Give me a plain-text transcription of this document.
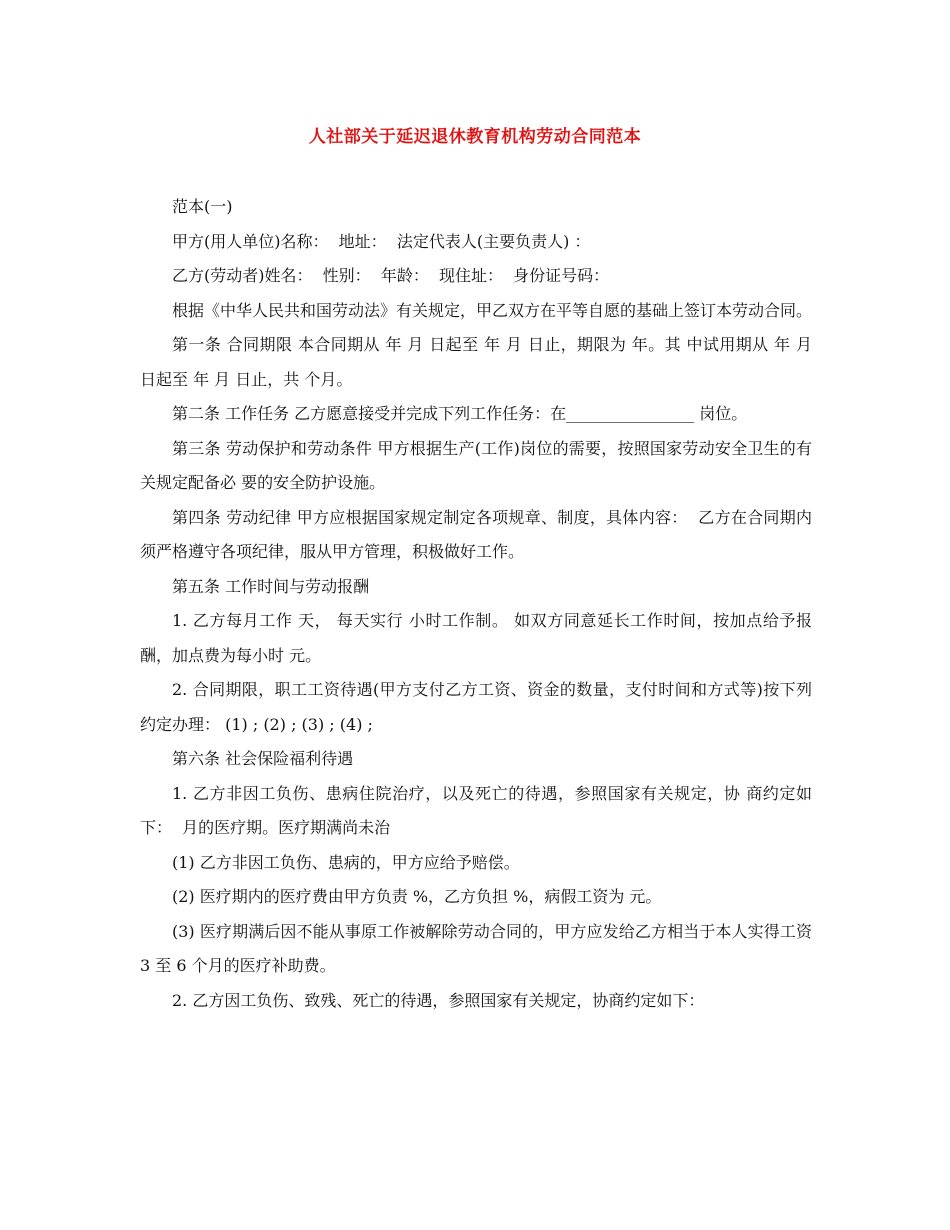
人社部关于延迟退休教育机构劳动合同范本

范本(一)

甲方(用人单位)名称：  地址：  法定代表人(主要负责人) ：

乙方(劳动者)姓名：  性别：  年龄：  现住址：  身份证号码：

根据《中华人民共和国劳动法》有关规定，甲乙双方在平等自愿的基础上签订本劳动合同。

第一条 合同期限 本合同期从 年 月 日起至 年 月 日止，期限为 年。其 中试用期从 年 月 日起至 年 月 日止，共 个月。

第二条 工作任务 乙方愿意接受并完成下列工作任务：在________________ 岗位。

第三条 劳动保护和劳动条件 甲方根据生产(工作)岗位的需要，按照国家劳动安全卫生的有关规定配备必 要的安全防护设施。

第四条 劳动纪律 甲方应根据国家规定制定各项规章、制度，具体内容：  乙方在合同期内须严格遵守各项纪律，服从甲方管理，积极做好工作。

第五条 工作时间与劳动报酬

1. 乙方每月工作 天， 每天实行 小时工作制。 如双方同意延长工作时间，按加点给予报酬，加点费为每小时 元。

2. 合同期限，职工工资待遇(甲方支付乙方工资、资金的数量，支付时间和方式等)按下列约定办理： (1) ; (2) ; (3) ; (4) ;

第六条 社会保险福利待遇

1. 乙方非因工负伤、患病住院治疗，以及死亡的待遇，参照国家有关规定，协 商约定如下：  月的医疗期。医疗期满尚未治

(1) 乙方非因工负伤、患病的，甲方应给予赔偿。

(2) 医疗期内的医疗费由甲方负责 %，乙方负担 %，病假工资为 元。

(3) 医疗期满后因不能从事原工作被解除劳动合同的，甲方应发给乙方相当于本人实得工资 3 至 6 个月的医疗补助费。

2. 乙方因工负伤、致残、死亡的待遇，参照国家有关规定，协商约定如下：
